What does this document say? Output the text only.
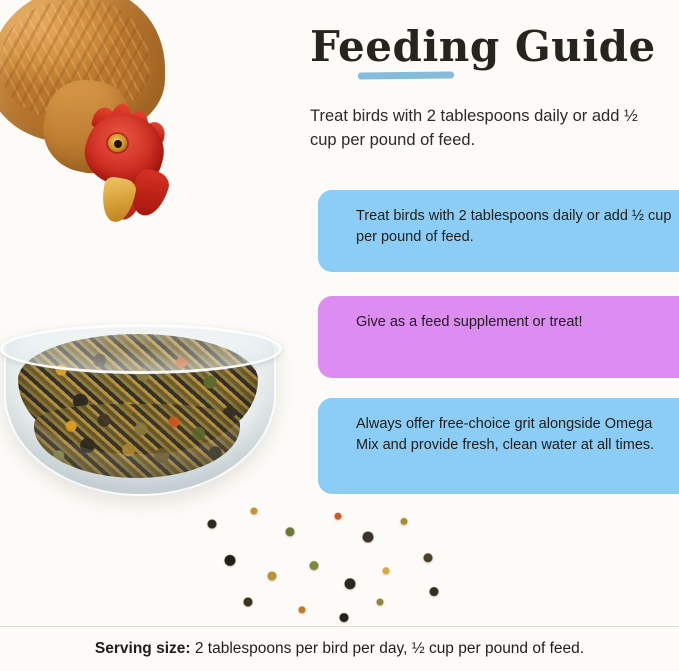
Feeding Guide
Treat birds with 2 tablespoons daily or add ½ cup per pound of feed.
Treat birds with 2 tablespoons daily or add ½ cup per pound of feed.
Give as a feed supplement or treat!
Always offer free-choice grit alongside Omega Mix and provide fresh, clean water at all times.
Serving size: 2 tablespoons per bird per day, ½ cup per pound of feed.
